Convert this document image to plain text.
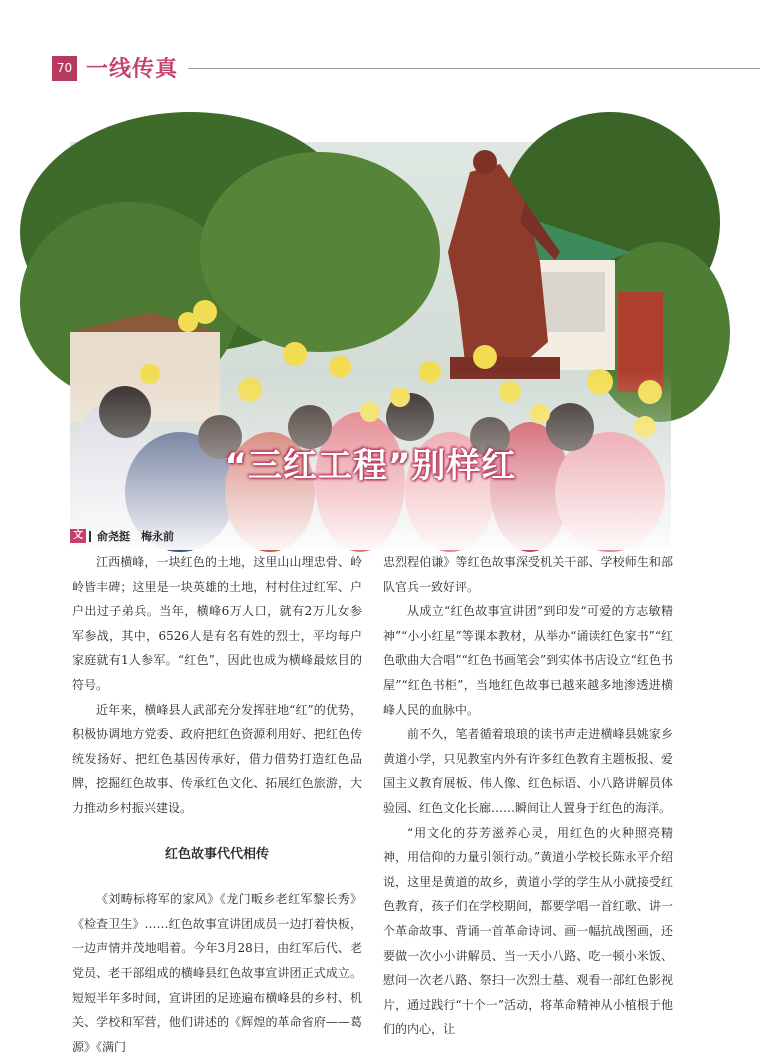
70 一线传真
“三红工程”别样红
文 俞尧挺　梅永前

江西横峰，一块红色的土地，这里山山埋忠骨、岭岭皆丰碑；这里是一块英雄的土地，村村住过红军、户户出过子弟兵。当年，横峰6万人口，就有2万儿女参军参战，其中，6526人是有名有姓的烈士，平均每户家庭就有1人参军。“红色”，因此也成为横峰最炫目的符号。

近年来，横峰县人武部充分发挥驻地“红”的优势，积极协调地方党委、政府把红色资源利用好、把红色传统发扬好、把红色基因传承好，借力借势打造红色品牌，挖掘红色故事、传承红色文化、拓展红色旅游，大力推动乡村振兴建设。

红色故事代代相传

《刘畴标将军的家风》《龙门畈乡老红军黎长秀》《检查卫生》……红色故事宣讲团成员一边打着快板，一边声情并茂地唱着。今年3月28日，由红军后代、老党员、老干部组成的横峰县红色故事宣讲团正式成立。短短半年多时间，宣讲团的足迹遍布横峰县的乡村、机关、学校和军营，他们讲述的《辉煌的革命省府——葛源》《满门

忠烈程伯谦》等红色故事深受机关干部、学校师生和部队官兵一致好评。

从成立“红色故事宣讲团”到印发“可爱的方志敏精神”“小小红星”等课本教材，从举办“诵读红色家书”“红色歌曲大合唱”“红色书画笔会”到实体书店设立“红色书屋”“红色书柜”，当地红色故事已越来越多地渗透进横峰人民的血脉中。

前不久，笔者循着琅琅的读书声走进横峰县姚家乡黄道小学，只见教室内外有许多红色教育主题板报、爱国主义教育展板、伟人像、红色标语、小八路讲解员体验园、红色文化长廊……瞬间让人置身于红色的海洋。

“用文化的芬芳滋养心灵，用红色的火种照亮精神，用信仰的力量引领行动。”黄道小学校长陈永平介绍说，这里是黄道的故乡，黄道小学的学生从小就接受红色教育，孩子们在学校期间，都要学唱一首红歌、讲一个革命故事、背诵一首革命诗词、画一幅抗战图画，还要做一次小小讲解员、当一天小八路、吃一顿小米饭、慰问一次老八路、祭扫一次烈士墓、观看一部红色影视片，通过践行“十个一”活动，将革命精神从小植根于他们的内心，让
